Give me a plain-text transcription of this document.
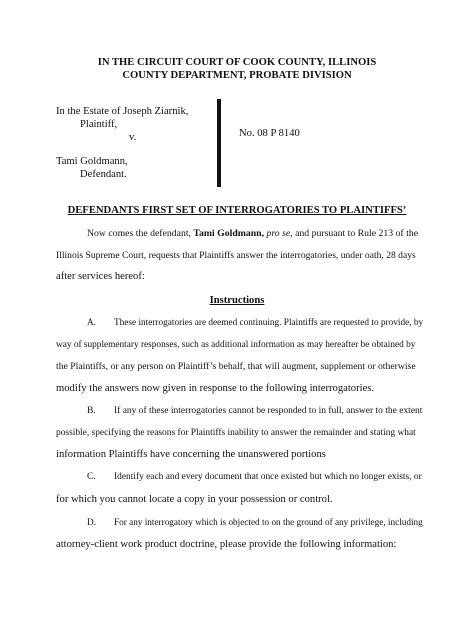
IN THE CIRCUIT COURT OF COOK COUNTY, ILLINOIS
COUNTY DEPARTMENT, PROBATE DIVISION
In the Estate of Joseph Ziarnik,
Plaintiff,
v.
Tami Goldmann,
Defendant.
No. 08 P 8140
DEFENDANTS FIRST SET OF INTERROGATORIES TO PLAINTIFFS’
Now comes the defendant, Tami Goldmann, pro se, and pursuant to Rule 213 of the
Illinois Supreme Court, requests that Plaintiffs answer the interrogatories, under oath, 28 days
after services hereof:
Instructions
A. These interrogatories are deemed continuing. Plaintiffs are requested to provide, by
way of supplementary responses, such as additional information as may hereafter be obtained by
the Plaintiffs, or any person on Plaintiff’s behalf, that will augment, supplement or otherwise
modify the answers now given in response to the following interrogatories.
B. If any of these interrogatories cannot be responded to in full, answer to the extent
possible, specifying the reasons for Plaintiffs inability to answer the remainder and stating what
information Plaintiffs have concerning the unanswered portions
C. Identify each and every document that once existed but which no longer exists, or
for which you cannot locate a copy in your possession or control.
D. For any interrogatory which is objected to on the ground of any privilege, including
attorney-client work product doctrine, please provide the following information:
